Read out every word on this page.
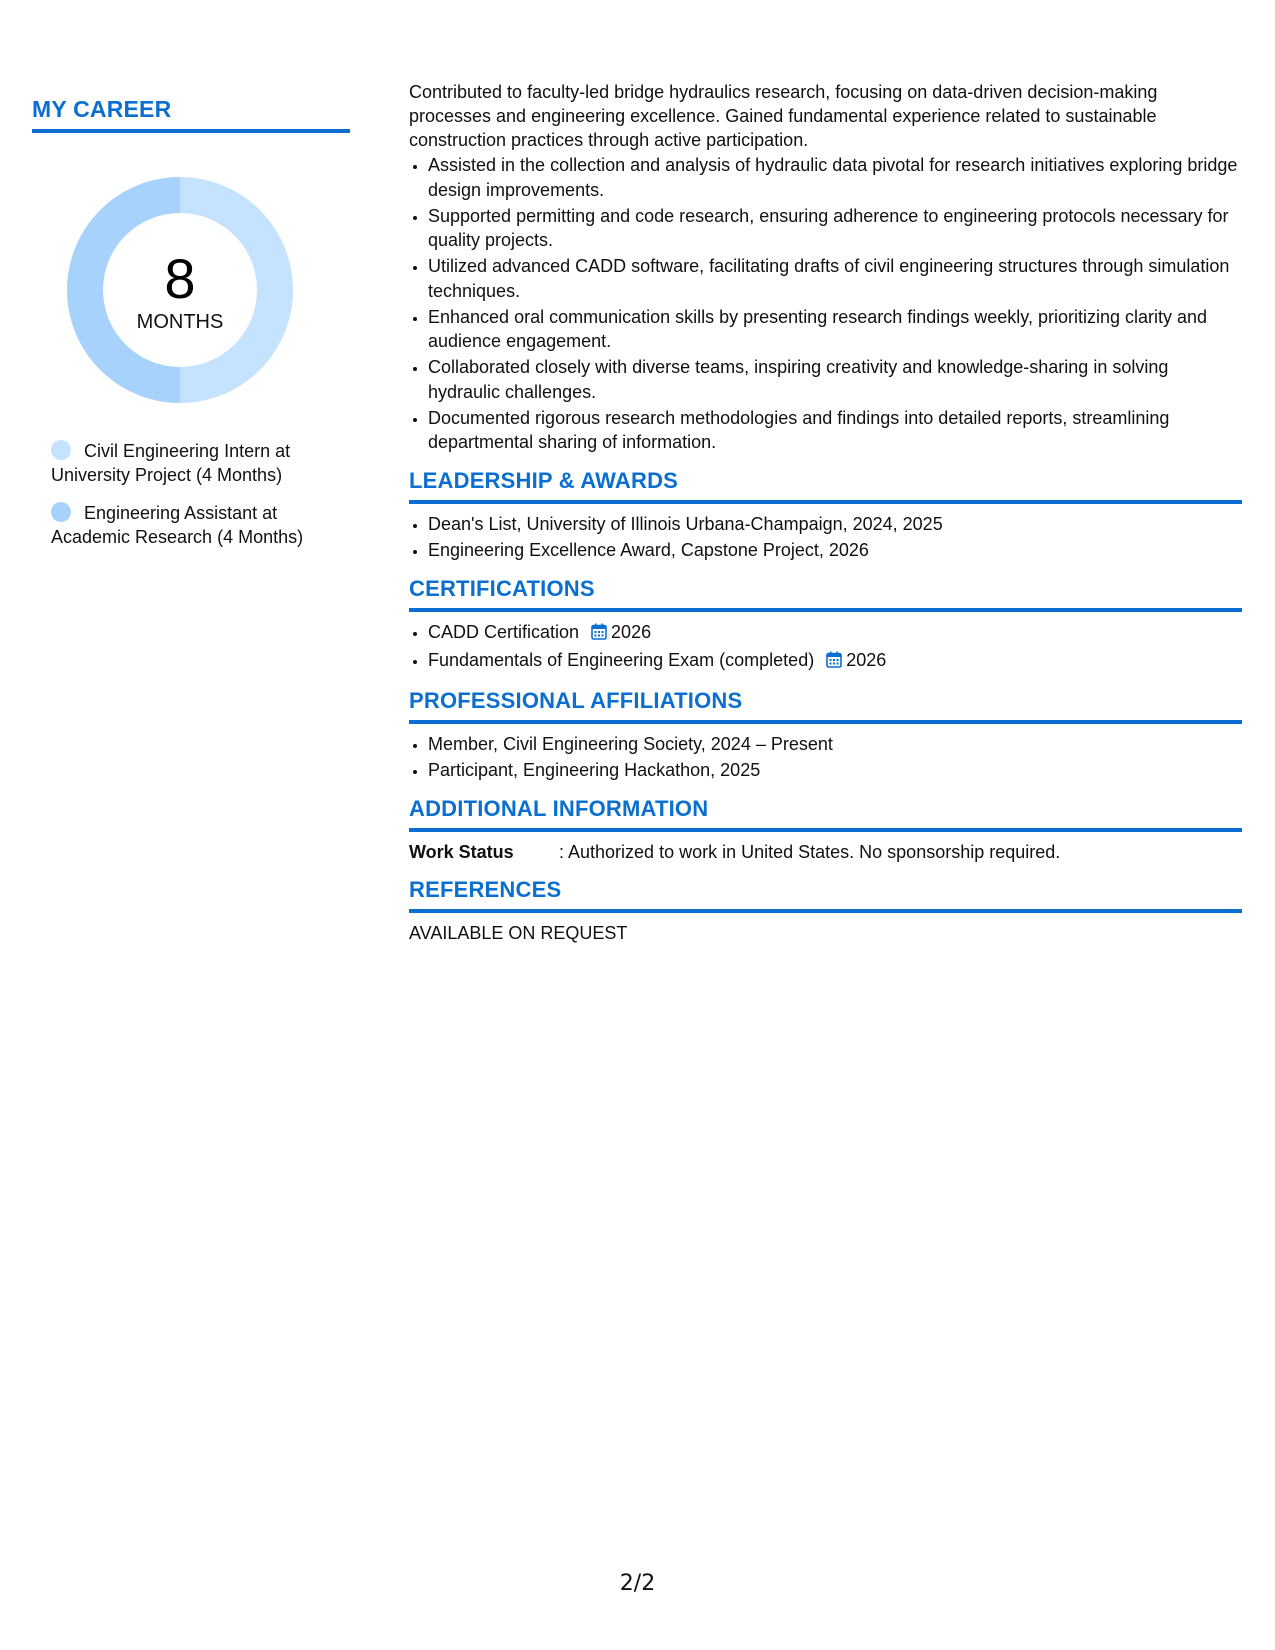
MY CAREER
8
MONTHS
Civil Engineering Intern at University Project (4 Months)
Engineering Assistant at Academic Research (4 Months)

Contributed to faculty-led bridge hydraulics research, focusing on data-driven decision-making processes and engineering excellence. Gained fundamental experience related to sustainable construction practices through active participation.

• Assisted in the collection and analysis of hydraulic data pivotal for research initiatives exploring bridge design improvements.
• Supported permitting and code research, ensuring adherence to engineering protocols necessary for quality projects.
• Utilized advanced CADD software, facilitating drafts of civil engineering structures through simulation techniques.
• Enhanced oral communication skills by presenting research findings weekly, prioritizing clarity and audience engagement.
• Collaborated closely with diverse teams, inspiring creativity and knowledge-sharing in solving hydraulic challenges.
• Documented rigorous research methodologies and findings into detailed reports, streamlining departmental sharing of information.
LEADERSHIP & AWARDS
• Dean's List, University of Illinois Urbana-Champaign, 2024, 2025
• Engineering Excellence Award, Capstone Project, 2026
CERTIFICATIONS
• CADD Certification 2026
• Fundamentals of Engineering Exam (completed) 2026
PROFESSIONAL AFFILIATIONS
• Member, Civil Engineering Society, 2024 – Present
• Participant, Engineering Hackathon, 2025
ADDITIONAL INFORMATION
Work Status	: Authorized to work in United States. No sponsorship required.
REFERENCES

AVAILABLE ON REQUEST

2/2
